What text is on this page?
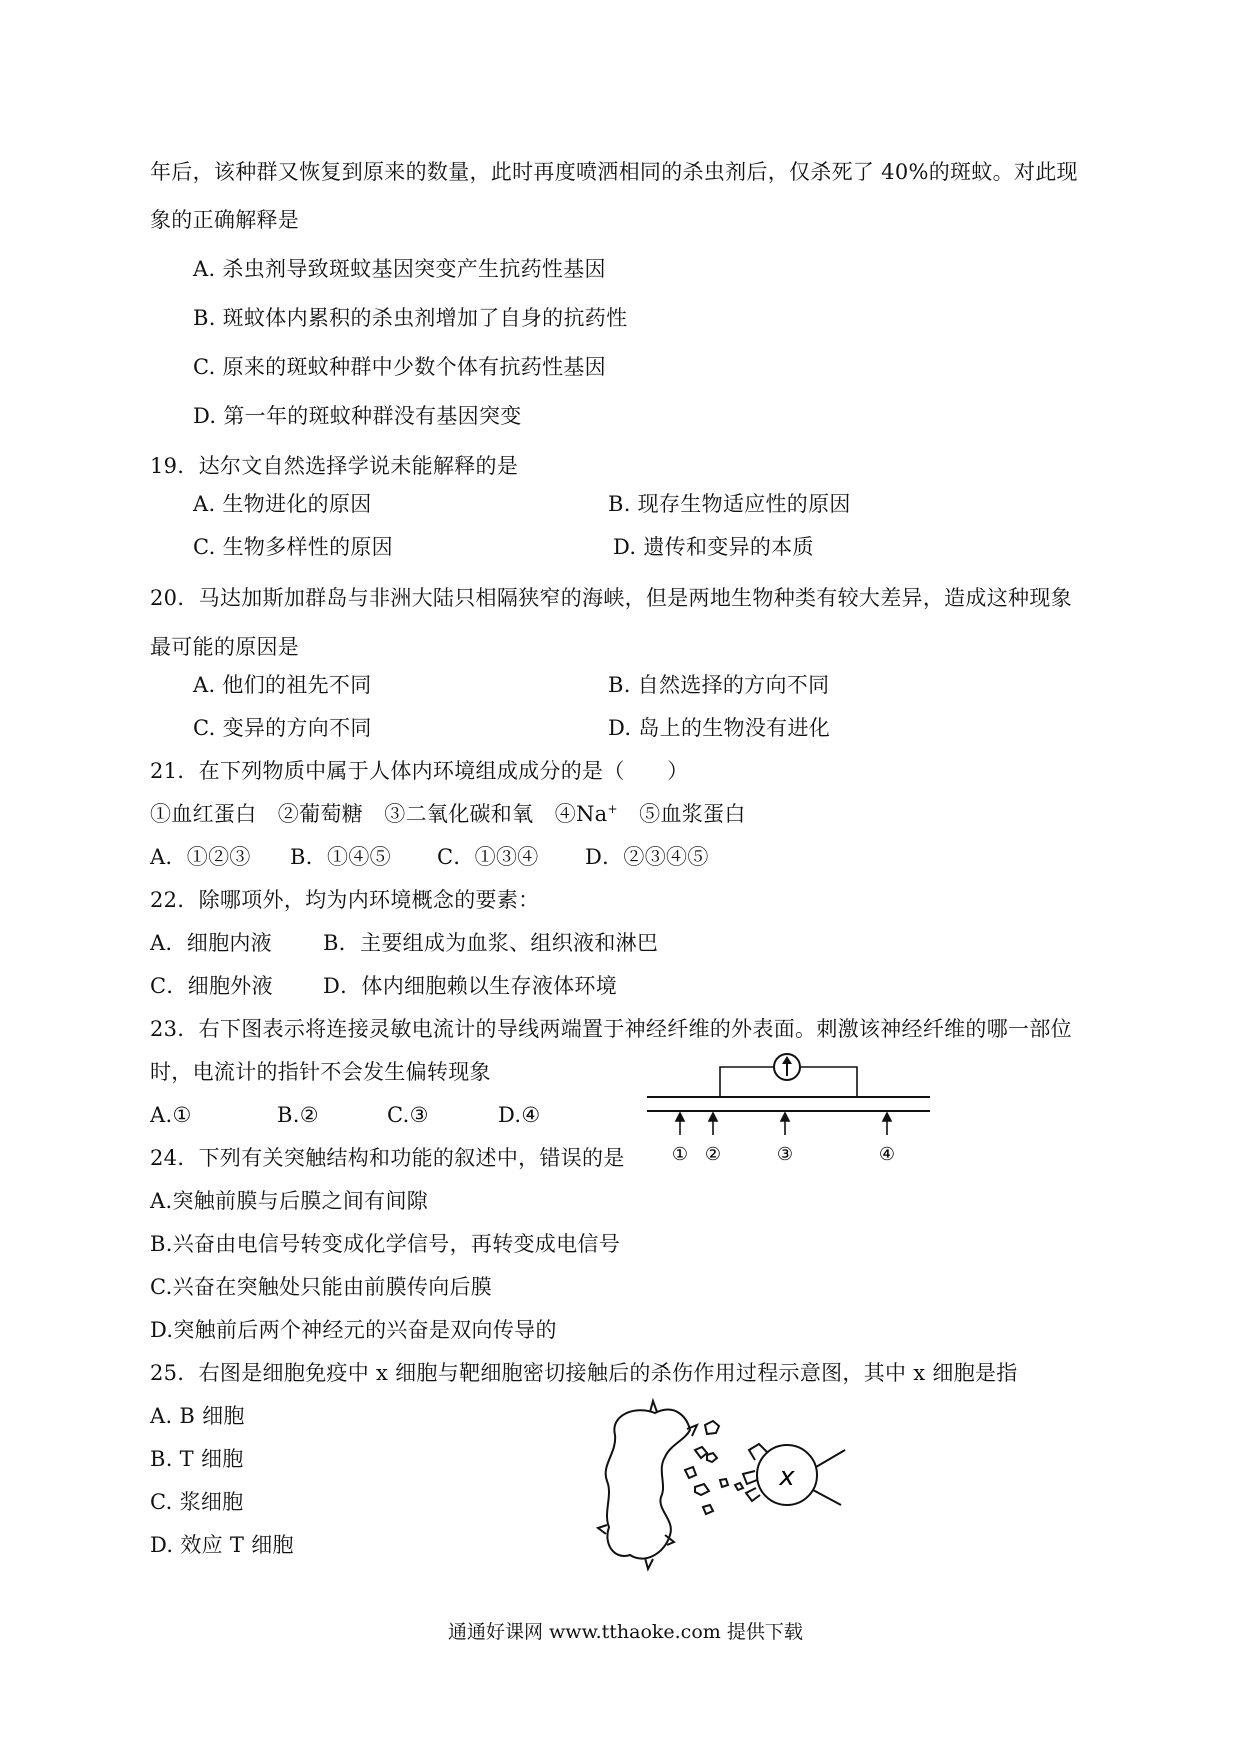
年后，该种群又恢复到原来的数量，此时再度喷洒相同的杀虫剂后，仅杀死了 40%的斑蚊。对此现
象的正确解释是
A. 杀虫剂导致斑蚊基因突变产生抗药性基因
B. 斑蚊体内累积的杀虫剂增加了自身的抗药性
C. 原来的斑蚊种群中少数个体有抗药性基因
D. 第一年的斑蚊种群没有基因突变
19．达尔文自然选择学说未能解释的是
A. 生物进化的原因	B. 现存生物适应性的原因
C. 生物多样性的原因	D. 遗传和变异的本质
20．马达加斯加群岛与非洲大陆只相隔狭窄的海峡，但是两地生物种类有较大差异，造成这种现象
最可能的原因是
A. 他们的祖先不同	B. 自然选择的方向不同
C. 变异的方向不同	D. 岛上的生物没有进化
21．在下列物质中属于人体内环境组成成分的是（　　）
①血红蛋白　②葡萄糖　③二氧化碳和氧　④Na+　⑤血浆蛋白
A．①②③ B．①④⑤ C．①③④ D．②③④⑤
22．除哪项外，均为内环境概念的要素：
A．细胞内液 B．主要组成为血浆、组织液和淋巴
C．细胞外液 D．体内细胞赖以生存液体环境
23．右下图表示将连接灵敏电流计的导线两端置于神经纤维的外表面。刺激该神经纤维的哪一部位
时，电流计的指针不会发生偏转现象
A.①	B.②	C.③	D.④
① ②	③	④
24．下列有关突触结构和功能的叙述中，错误的是
A.突触前膜与后膜之间有间隙
B.兴奋由电信号转变成化学信号，再转变成电信号
C.兴奋在突触处只能由前膜传向后膜
D.突触前后两个神经元的兴奋是双向传导的
25．右图是细胞免疫中 x 细胞与靶细胞密切接触后的杀伤作用过程示意图，其中 x 细胞是指
A. B 细胞
B. T 细胞
C. 浆细胞
D. 效应 T 细胞
x
通通好课网 www.tthaoke.com 提供下载
